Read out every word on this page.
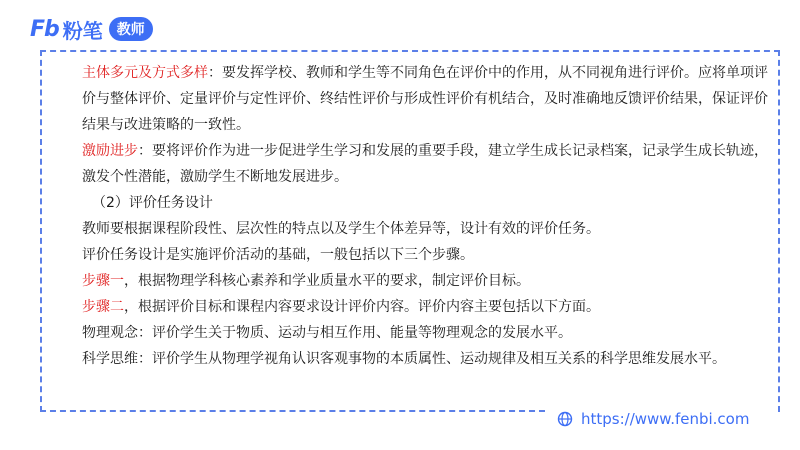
Fb 粉笔	教师

主体多元及方式多样：要发挥学校、教师和学生等不同角色在评价中的作用，从不同视角进行评价。应将单项评价与整体评价、定量评价与定性评价、终结性评价与形成性评价有机结合，及时准确地反馈评价结果，保证评价结果与改进策略的一致性。

激励进步：要将评价作为进一步促进学生学习和发展的重要手段，建立学生成长记录档案，记录学生成长轨迹，激发个性潜能，激励学生不断地发展进步。

（2）评价任务设计

教师要根据课程阶段性、层次性的特点以及学生个体差异等，设计有效的评价任务。

评价任务设计是实施评价活动的基础，一般包括以下三个步骤。

步骤一，根据物理学科核心素养和学业质量水平的要求，制定评价目标。

步骤二，根据评价目标和课程内容要求设计评价内容。评价内容主要包括以下方面。

物理观念：评价学生关于物质、运动与相互作用、能量等物理观念的发展水平。

科学思维：评价学生从物理学视角认识客观事物的本质属性、运动规律及相互关系的科学思维发展水平。

https://www.fenbi.com
